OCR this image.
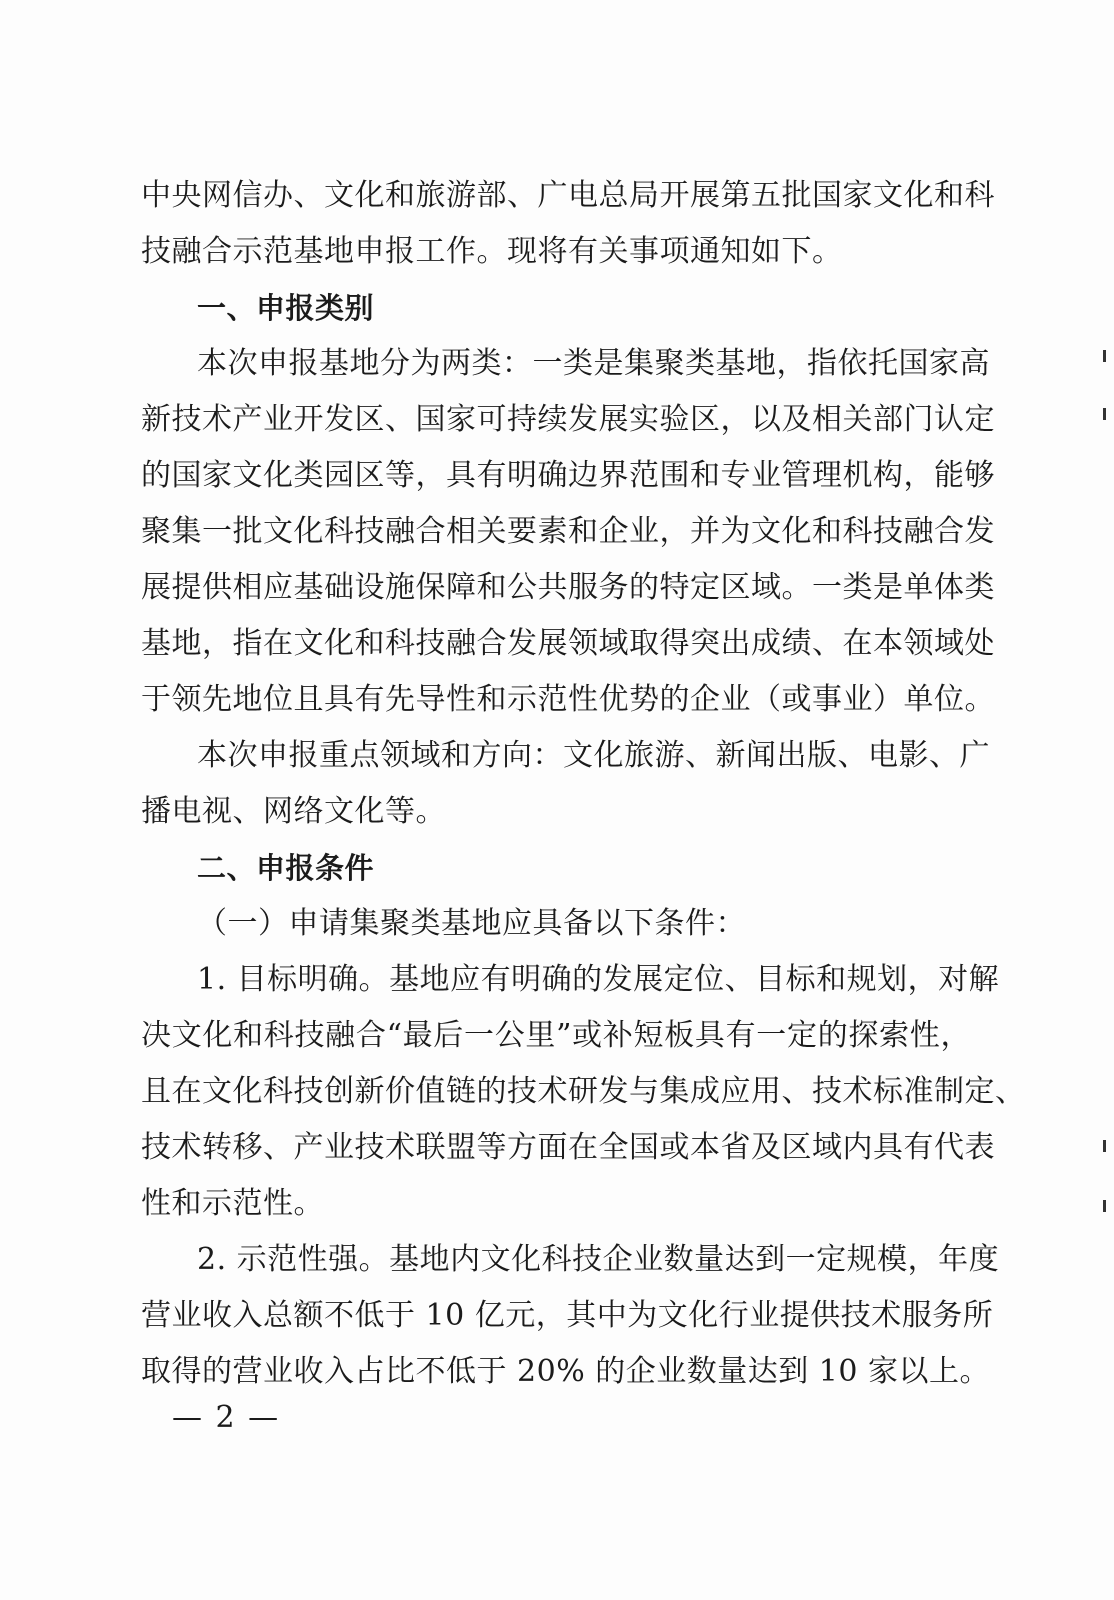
中央网信办、文化和旅游部、广电总局开展第五批国家文化和科
技融合示范基地申报工作。现将有关事项通知如下。
一、申报类别
本次申报基地分为两类：一类是集聚类基地，指依托国家高
新技术产业开发区、国家可持续发展实验区，以及相关部门认定
的国家文化类园区等，具有明确边界范围和专业管理机构，能够
聚集一批文化科技融合相关要素和企业，并为文化和科技融合发
展提供相应基础设施保障和公共服务的特定区域。一类是单体类
基地，指在文化和科技融合发展领域取得突出成绩、在本领域处
于领先地位且具有先导性和示范性优势的企业（或事业）单位。
本次申报重点领域和方向：文化旅游、新闻出版、电影、广
播电视、网络文化等。
二、申报条件
（一）申请集聚类基地应具备以下条件：
1. 目标明确。基地应有明确的发展定位、目标和规划，对解
决文化和科技融合“最后一公里”或补短板具有一定的探索性，
且在文化科技创新价值链的技术研发与集成应用、技术标准制定、
技术转移、产业技术联盟等方面在全国或本省及区域内具有代表
性和示范性。
2. 示范性强。基地内文化科技企业数量达到一定规模，年度
营业收入总额不低于 10 亿元，其中为文化行业提供技术服务所
取得的营业收入占比不低于 20% 的企业数量达到 10 家以上。
— 2 —
